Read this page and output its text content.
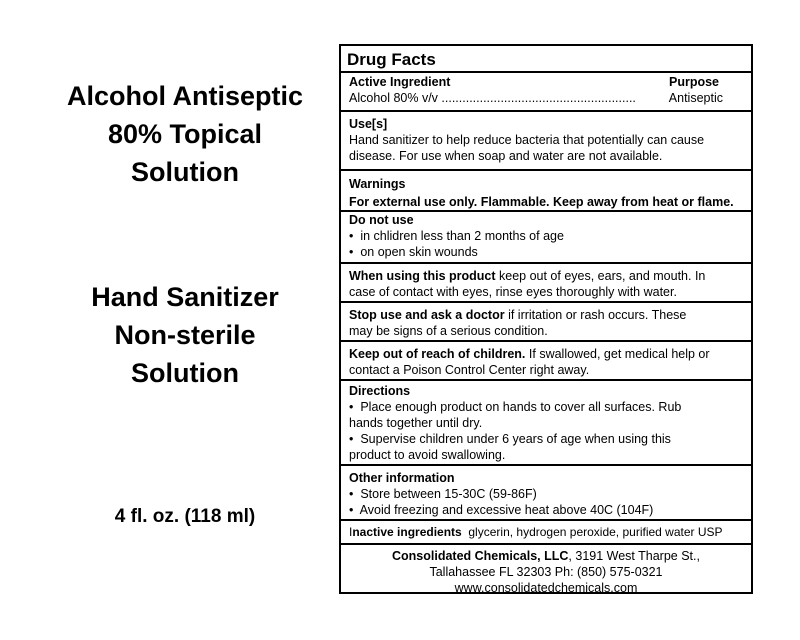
Alcohol Antiseptic
80% Topical
Solution
Hand Sanitizer
Non-sterile
Solution
4 fl. oz. (118 ml)
Drug Facts
Active Ingredient	Purpose
Alcohol 80% v/v ........................................................	Antiseptic
Use[s]
Hand sanitizer to help reduce bacteria that potentially can cause
disease. For use when soap and water are not available.
Warnings
For external use only. Flammable. Keep away from heat or flame.
Do not use
•  in chlidren less than 2 months of age
•  on open skin wounds
When using this product keep out of eyes, ears, and mouth. In
case of contact with eyes, rinse eyes thoroughly with water.
Stop use and ask a doctor if irritation or rash occurs. These
may be signs of a serious condition.
Keep out of reach of children. If swallowed, get medical help or
contact a Poison Control Center right away.
Directions
•  Place enough product on hands to cover all surfaces. Rub
hands together until dry.
•  Supervise children under 6 years of age when using this
product to avoid swallowing.
Other information
•  Store between 15-30C (59-86F)
•  Avoid freezing and excessive heat above 40C (104F)
Inactive ingredients  glycerin, hydrogen peroxide, purified water USP
Consolidated Chemicals, LLC, 3191 West Tharpe St.,
Tallahassee FL 32303 Ph: (850) 575-0321
www.consolidatedchemicals.com
